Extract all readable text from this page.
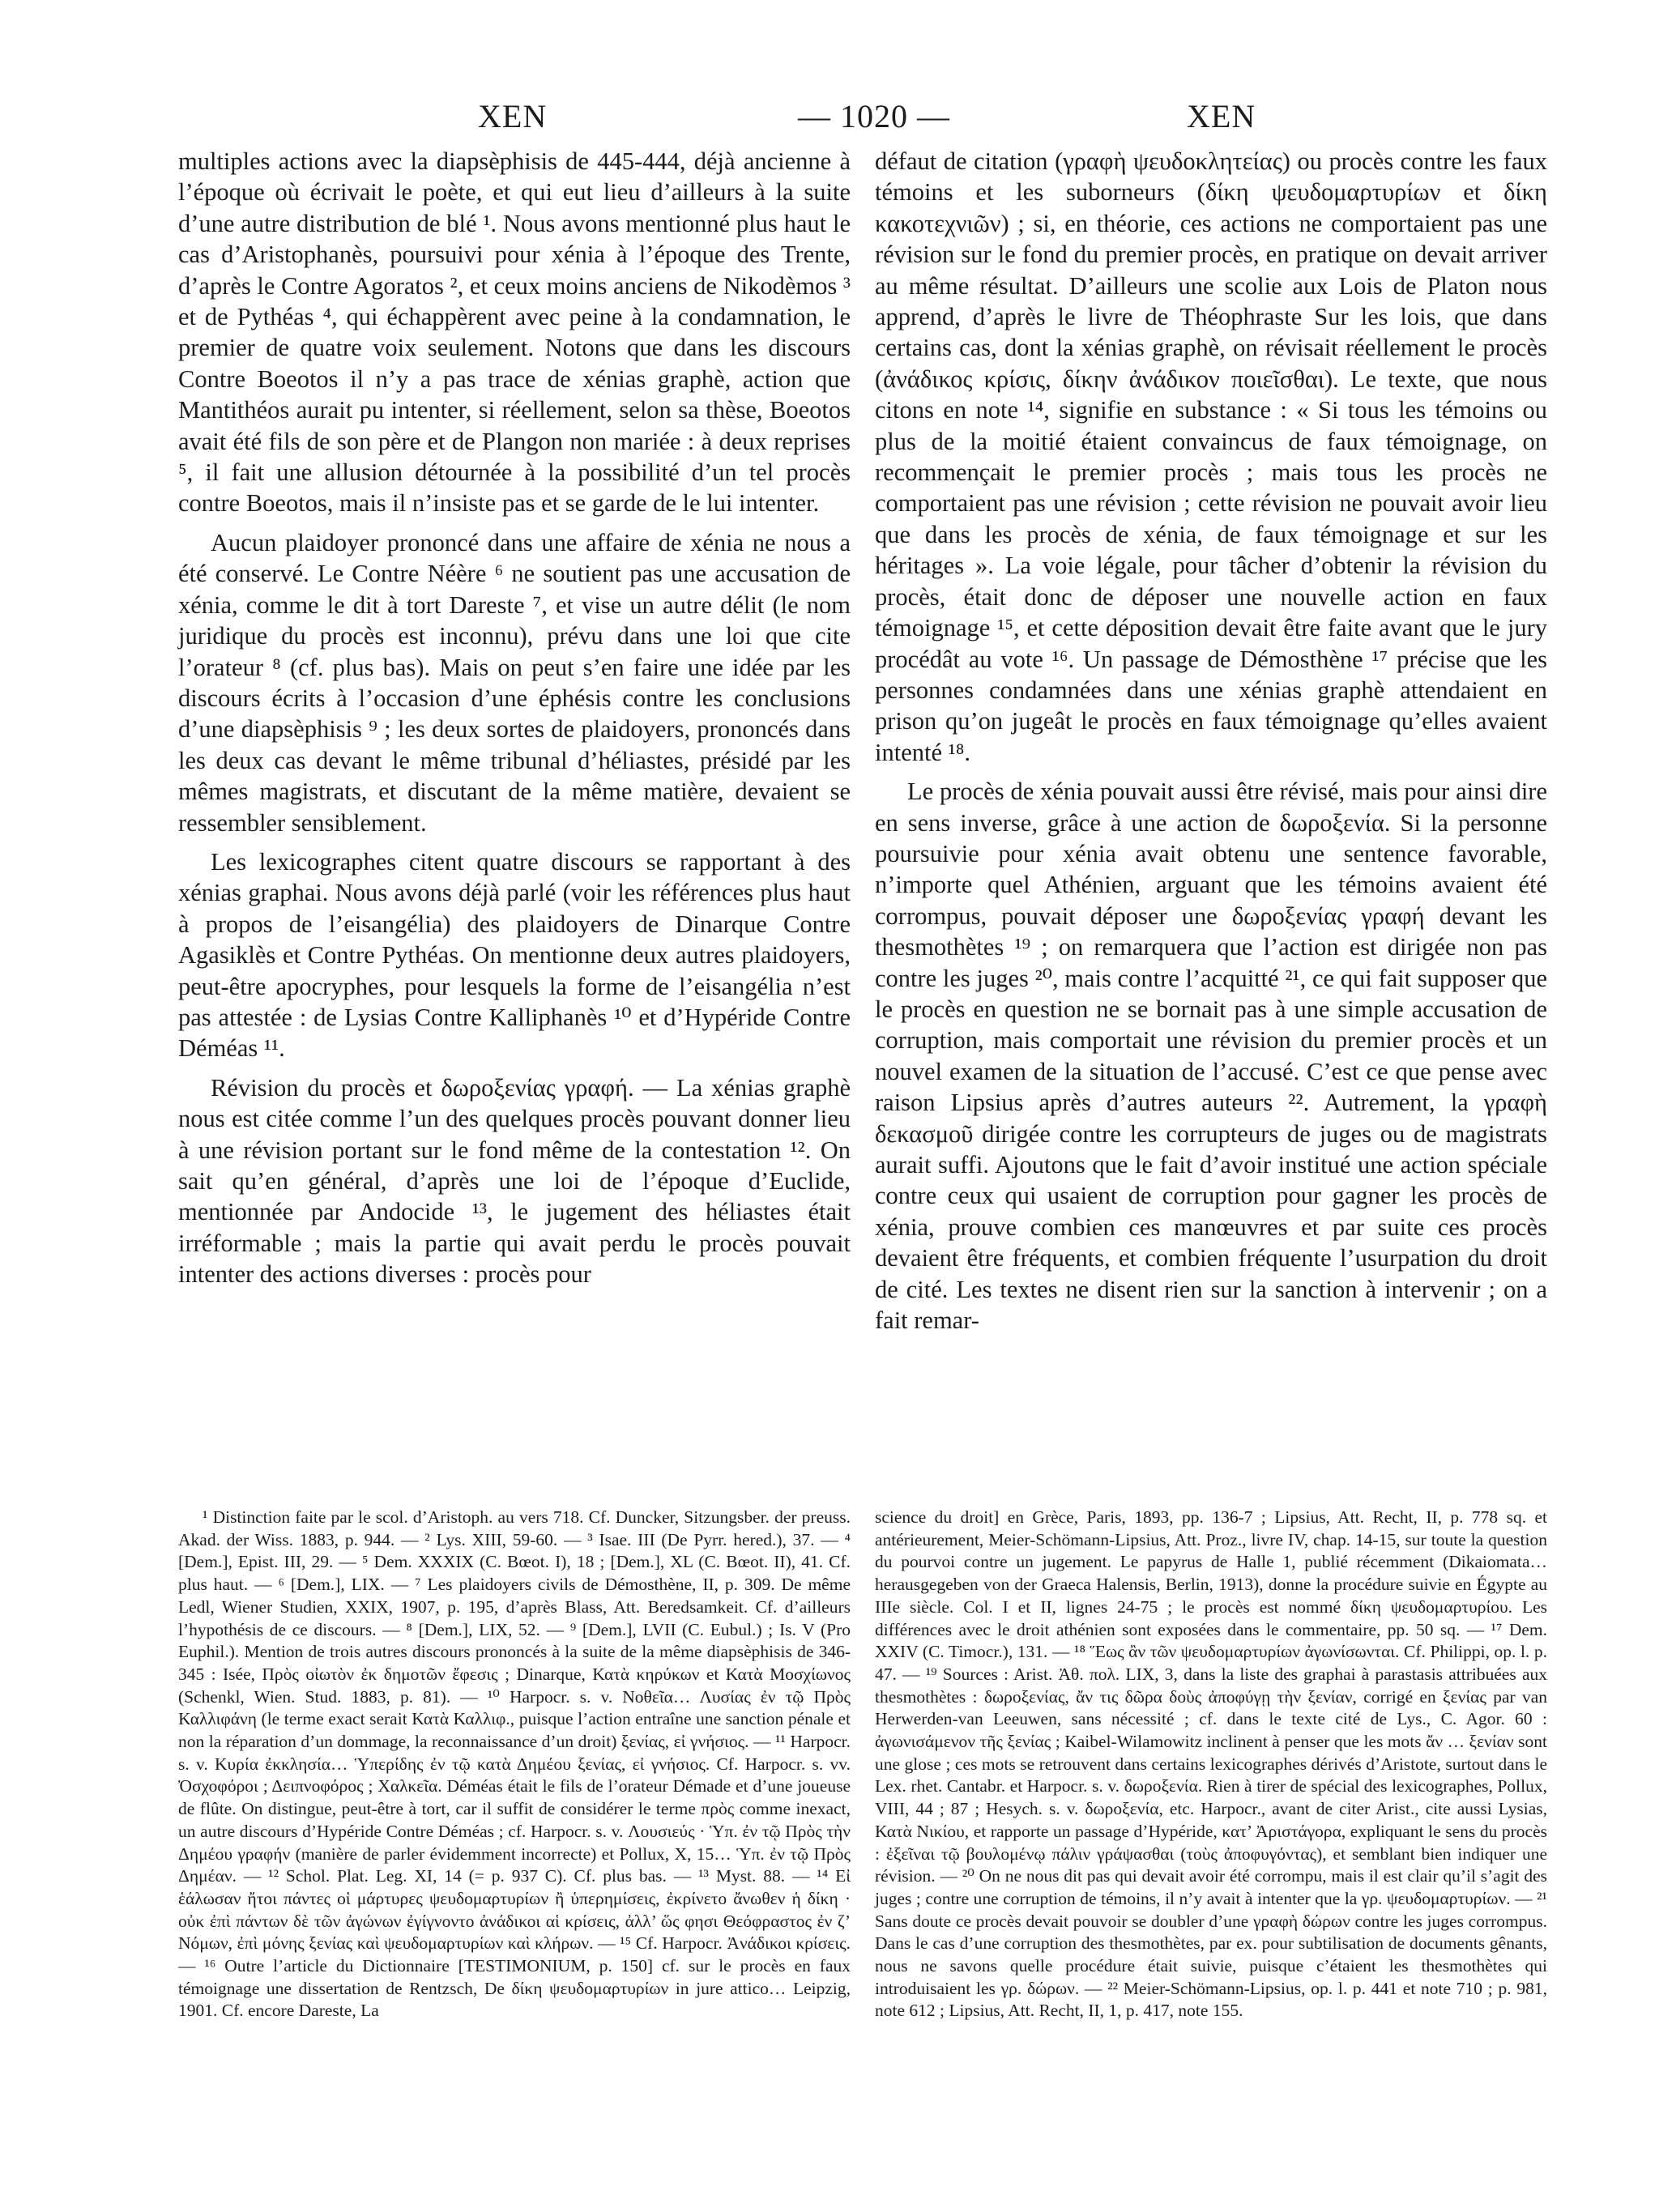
XEN	— 1020 —	XEN

multiples actions avec la diapsèphisis de 445-444, déjà ancienne à l’époque où écrivait le poète, et qui eut lieu d’ailleurs à la suite d’une autre distribution de blé ¹. Nous avons mentionné plus haut le cas d’Aristophanès, poursuivi pour xénia à l’époque des Trente, d’après le Contre Agoratos ², et ceux moins anciens de Nikodèmos ³ et de Pythéas ⁴, qui échappèrent avec peine à la condamnation, le premier de quatre voix seulement. Notons que dans les discours Contre Boeotos il n’y a pas trace de xénias graphè, action que Mantithéos aurait pu intenter, si réellement, selon sa thèse, Boeotos avait été fils de son père et de Plangon non mariée : à deux reprises ⁵, il fait une allusion détournée à la possibilité d’un tel procès contre Boeotos, mais il n’insiste pas et se garde de le lui intenter.

Aucun plaidoyer prononcé dans une affaire de xénia ne nous a été conservé. Le Contre Néère ⁶ ne soutient pas une accusation de xénia, comme le dit à tort Dareste ⁷, et vise un autre délit (le nom juridique du procès est inconnu), prévu dans une loi que cite l’orateur ⁸ (cf. plus bas). Mais on peut s’en faire une idée par les discours écrits à l’occasion d’une éphésis contre les conclusions d’une diapsèphisis ⁹ ; les deux sortes de plaidoyers, prononcés dans les deux cas devant le même tribunal d’héliastes, présidé par les mêmes magistrats, et discutant de la même matière, devaient se ressembler sensiblement.

Les lexicographes citent quatre discours se rapportant à des xénias graphai. Nous avons déjà parlé (voir les références plus haut à propos de l’eisangélia) des plaidoyers de Dinarque Contre Agasiklès et Contre Pythéas. On mentionne deux autres plaidoyers, peut-être apocryphes, pour lesquels la forme de l’eisangélia n’est pas attestée : de Lysias Contre Kalliphanès ¹⁰ et d’Hypéride Contre Déméas ¹¹.

Révision du procès et δωροξενίας γραφή. — La xénias graphè nous est citée comme l’un des quelques procès pouvant donner lieu à une révision portant sur le fond même de la contestation ¹². On sait qu’en général, d’après une loi de l’époque d’Euclide, mentionnée par Andocide ¹³, le jugement des héliastes était irréformable ; mais la partie qui avait perdu le procès pouvait intenter des actions diverses : procès pour

défaut de citation (γραφὴ ψευδοκλητείας) ou procès contre les faux témoins et les suborneurs (δίκη ψευδομαρτυρίων et δίκη κακοτεχνιῶν) ; si, en théorie, ces actions ne comportaient pas une révision sur le fond du premier procès, en pratique on devait arriver au même résultat. D’ailleurs une scolie aux Lois de Platon nous apprend, d’après le livre de Théophraste Sur les lois, que dans certains cas, dont la xénias graphè, on révisait réellement le procès (ἀνάδικος κρίσις, δίκην ἀνάδικον ποιεῖσθαι). Le texte, que nous citons en note ¹⁴, signifie en substance : « Si tous les témoins ou plus de la moitié étaient convaincus de faux témoignage, on recommençait le premier procès ; mais tous les procès ne comportaient pas une révision ; cette révision ne pouvait avoir lieu que dans les procès de xénia, de faux témoignage et sur les héritages ». La voie légale, pour tâcher d’obtenir la révision du procès, était donc de déposer une nouvelle action en faux témoignage ¹⁵, et cette déposition devait être faite avant que le jury procédât au vote ¹⁶. Un passage de Démosthène ¹⁷ précise que les personnes condamnées dans une xénias graphè attendaient en prison qu’on jugeât le procès en faux témoignage qu’elles avaient intenté ¹⁸.

Le procès de xénia pouvait aussi être révisé, mais pour ainsi dire en sens inverse, grâce à une action de δωροξενία. Si la personne poursuivie pour xénia avait obtenu une sentence favorable, n’importe quel Athénien, arguant que les témoins avaient été corrompus, pouvait déposer une δωροξενίας γραφή devant les thesmothètes ¹⁹ ; on remarquera que l’action est dirigée non pas contre les juges ²⁰, mais contre l’acquitté ²¹, ce qui fait supposer que le procès en question ne se bornait pas à une simple accusation de corruption, mais comportait une révision du premier procès et un nouvel examen de la situation de l’accusé. C’est ce que pense avec raison Lipsius après d’autres auteurs ²². Autrement, la γραφὴ δεκασμοῦ dirigée contre les corrupteurs de juges ou de magistrats aurait suffi. Ajoutons que le fait d’avoir institué une action spéciale contre ceux qui usaient de corruption pour gagner les procès de xénia, prouve combien ces manœuvres et par suite ces procès devaient être fréquents, et combien fréquente l’usurpation du droit de cité. Les textes ne disent rien sur la sanction à intervenir ; on a fait remar-

¹ Distinction faite par le scol. d’Aristoph. au vers 718. Cf. Duncker, Sitzungsber. der preuss. Akad. der Wiss. 1883, p. 944. — ² Lys. XIII, 59-60. — ³ Isae. III (De Pyrr. hered.), 37. — ⁴ [Dem.], Epist. III, 29. — ⁵ Dem. XXXIX (C. Bœot. I), 18 ; [Dem.], XL (C. Bœot. II), 41. Cf. plus haut. — ⁶ [Dem.], LIX. — ⁷ Les plaidoyers civils de Démosthène, II, p. 309. De même Ledl, Wiener Studien, XXIX, 1907, p. 195, d’après Blass, Att. Beredsamkeit. Cf. d’ailleurs l’hypothésis de ce discours. — ⁸ [Dem.], LIX, 52. — ⁹ [Dem.], LVII (C. Eubul.) ; Is. V (Pro Euphil.). Mention de trois autres discours prononcés à la suite de la même diapsèphisis de 346-345 : Isée, Πρὸς οἰωτὸν ἐκ δημοτῶν ἔφεσις ; Dinarque, Κατὰ κηρύκων et Κατὰ Μοσχίωνος (Schenkl, Wien. Stud. 1883, p. 81). — ¹⁰ Harpocr. s. v. Νοθεῖα… Λυσίας ἐν τῷ Πρὸς Καλλιφάνη (le terme exact serait Κατὰ Καλλιφ., puisque l’action entraîne une sanction pénale et non la réparation d’un dommage, la reconnaissance d’un droit) ξενίας, εἰ γνήσιος. — ¹¹ Harpocr. s. v. Κυρία ἐκκλησία… Ὑπερίδης ἐν τῷ κατὰ Δημέου ξενίας, εἰ γνήσιος. Cf. Harpocr. s. vv. Ὀσχοφόροι ; Δειπνοφόρος ; Χαλκεῖα. Déméas était le fils de l’orateur Démade et d’une joueuse de flûte. On distingue, peut-être à tort, car il suffit de considérer le terme πρὸς comme inexact, un autre discours d’Hypéride Contre Déméas ; cf. Harpocr. s. v. Λουσιεύς · Ὑπ. ἐν τῷ Πρὸς τὴν Δημέου γραφήν (manière de parler évidemment incorrecte) et Pollux, X, 15… Ὑπ. ἐν τῷ Πρὸς Δημέαν. — ¹² Schol. Plat. Leg. XI, 14 (= p. 937 C). Cf. plus bas. — ¹³ Myst. 88. — ¹⁴ Εἰ ἑάλωσαν ἤτοι πάντες οἱ μάρτυρες ψευδομαρτυρίων ἢ ὑπερημίσεις, ἐκρίνετο ἄνωθεν ἡ δίκη · οὐκ ἐπὶ πάντων δὲ τῶν ἀγώνων ἐγίγνοντο ἀνάδικοι αἱ κρίσεις, ἀλλ’ ὥς φησι Θεόφραστος ἐν ζ’ Νόμων, ἐπὶ μόνης ξενίας καὶ ψευδομαρτυρίων καὶ κλήρων. — ¹⁵ Cf. Harpocr. Ἀνάδικοι κρίσεις. — ¹⁶ Outre l’article du Dictionnaire [TESTIMONIUM, p. 150] cf. sur le procès en faux témoignage une dissertation de Rentzsch, De δίκη ψευδομαρτυρίων in jure attico… Leipzig, 1901. Cf. encore Dareste, La

science du droit] en Grèce, Paris, 1893, pp. 136-7 ; Lipsius, Att. Recht, II, p. 778 sq. et antérieurement, Meier-Schömann-Lipsius, Att. Proz., livre IV, chap. 14-15, sur toute la question du pourvoi contre un jugement. Le papyrus de Halle 1, publié récemment (Dikaiomata… herausgegeben von der Graeca Halensis, Berlin, 1913), donne la procédure suivie en Égypte au IIIe siècle. Col. I et II, lignes 24-75 ; le procès est nommé δίκη ψευδομαρτυρίου. Les différences avec le droit athénien sont exposées dans le commentaire, pp. 50 sq. — ¹⁷ Dem. XXIV (C. Timocr.), 131. — ¹⁸ Ἕως ἂν τῶν ψευδομαρτυρίων ἀγωνίσωνται. Cf. Philippi, op. l. p. 47. — ¹⁹ Sources : Arist. Ἀθ. πολ. LIX, 3, dans la liste des graphai à parastasis attribuées aux thesmothètes : δωροξενίας, ἄν τις δῶρα δοὺς ἀποφύγῃ τὴν ξενίαν, corrigé en ξενίας par van Herwerden-van Leeuwen, sans nécessité ; cf. dans le texte cité de Lys., C. Agor. 60 : ἀγωνισάμενον τῆς ξενίας ; Kaibel-Wilamowitz inclinent à penser que les mots ἄν … ξενίαν sont une glose ; ces mots se retrouvent dans certains lexicographes dérivés d’Aristote, surtout dans le Lex. rhet. Cantabr. et Harpocr. s. v. δωροξενία. Rien à tirer de spécial des lexicographes, Pollux, VIII, 44 ; 87 ; Hesych. s. v. δωροξενία, etc. Harpocr., avant de citer Arist., cite aussi Lysias, Κατὰ Νικίου, et rapporte un passage d’Hypéride, κατ’ Ἀριστάγορα, expliquant le sens du procès : ἐξεῖναι τῷ βουλομένῳ πάλιν γράψασθαι (τοὺς ἀποφυγόντας), et semblant bien indiquer une révision. — ²⁰ On ne nous dit pas qui devait avoir été corrompu, mais il est clair qu’il s’agit des juges ; contre une corruption de témoins, il n’y avait à intenter que la γρ. ψευδομαρτυρίων. — ²¹ Sans doute ce procès devait pouvoir se doubler d’une γραφὴ δώρων contre les juges corrompus. Dans le cas d’une corruption des thesmothètes, par ex. pour subtilisation de documents gênants, nous ne savons quelle procédure était suivie, puisque c’étaient les thesmothètes qui introduisaient les γρ. δώρων. — ²² Meier-Schömann-Lipsius, op. l. p. 441 et note 710 ; p. 981, note 612 ; Lipsius, Att. Recht, II, 1, p. 417, note 155.
